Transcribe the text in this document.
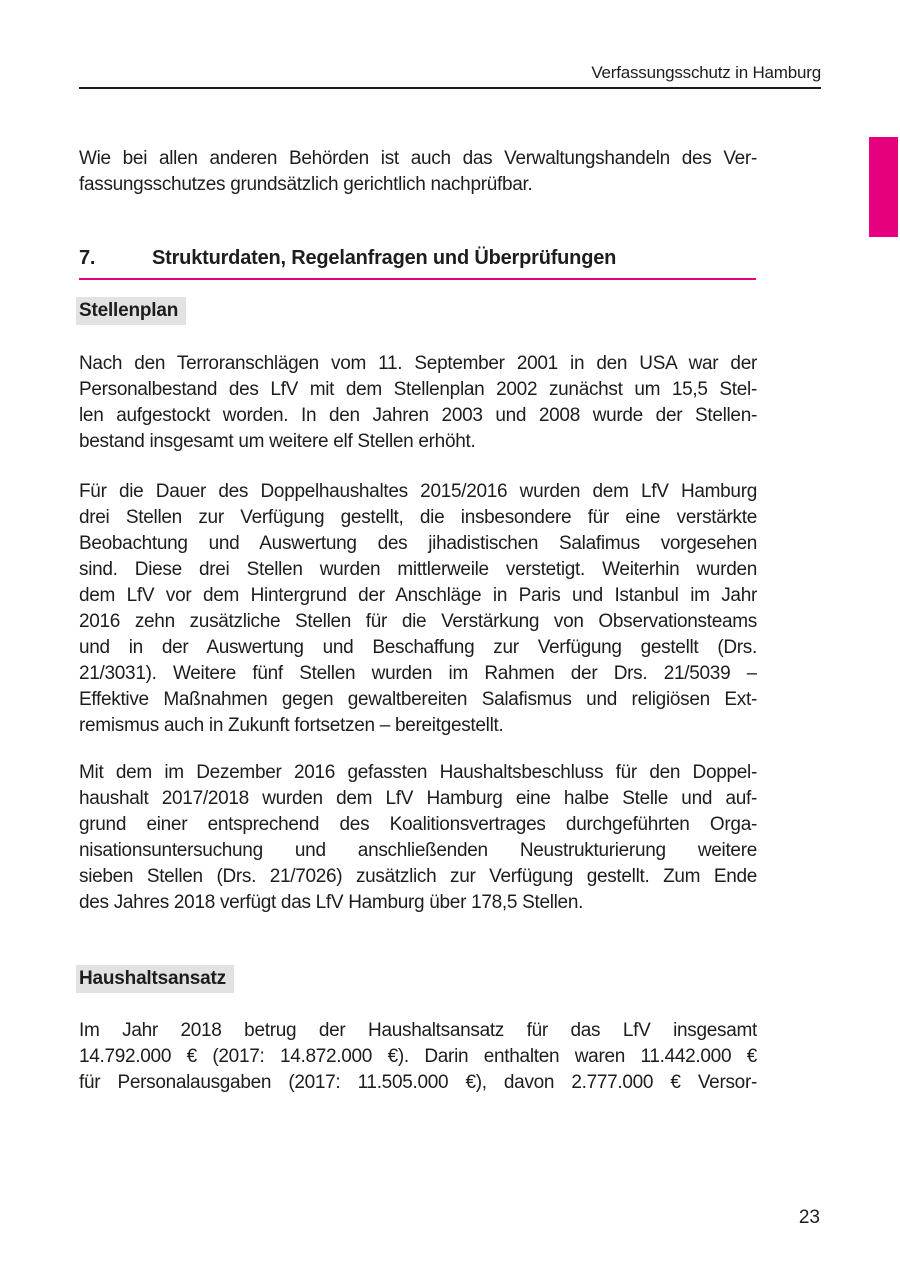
Verfassungsschutz in Hamburg
Wie bei allen anderen Behörden ist auch das Verwaltungshandeln des Ver-
fassungsschutzes grundsätzlich gerichtlich nachprüfbar.
7.	Strukturdaten, Regelanfragen und Überprüfungen
Stellenplan
Nach den Terroranschlägen vom 11. September 2001 in den USA war der
Personalbestand des LfV mit dem Stellenplan 2002 zunächst um 15,5 Stel-
len aufgestockt worden. In den Jahren 2003 und 2008 wurde der Stellen-
bestand insgesamt um weitere elf Stellen erhöht.
Für die Dauer des Doppelhaushaltes 2015/2016 wurden dem LfV Hamburg
drei Stellen zur Verfügung gestellt, die insbesondere für eine verstärkte
Beobachtung und Auswertung des jihadistischen Salafimus vorgesehen
sind. Diese drei Stellen wurden mittlerweile verstetigt. Weiterhin wurden
dem LfV vor dem Hintergrund der Anschläge in Paris und Istanbul im Jahr
2016 zehn zusätzliche Stellen für die Verstärkung von Observationsteams
und in der Auswertung und Beschaffung zur Verfügung gestellt (Drs.
21/3031). Weitere fünf Stellen wurden im Rahmen der Drs. 21/5039 –
Effektive Maßnahmen gegen gewaltbereiten Salafismus und religiösen Ext-
remismus auch in Zukunft fortsetzen – bereitgestellt.
Mit dem im Dezember 2016 gefassten Haushaltsbeschluss für den Doppel-
haushalt 2017/2018 wurden dem LfV Hamburg eine halbe Stelle und auf-
grund einer entsprechend des Koalitionsvertrages durchgeführten Orga-
nisationsuntersuchung und anschließenden Neustrukturierung weitere
sieben Stellen (Drs. 21/7026) zusätzlich zur Verfügung gestellt. Zum Ende
des Jahres 2018 verfügt das LfV Hamburg über 178,5 Stellen.
Haushaltsansatz
Im Jahr 2018 betrug der Haushaltsansatz für das LfV insgesamt
14.792.000 € (2017: 14.872.000 €). Darin enthalten waren 11.442.000 €
für Personalausgaben (2017: 11.505.000 €), davon 2.777.000 € Versor-
23
